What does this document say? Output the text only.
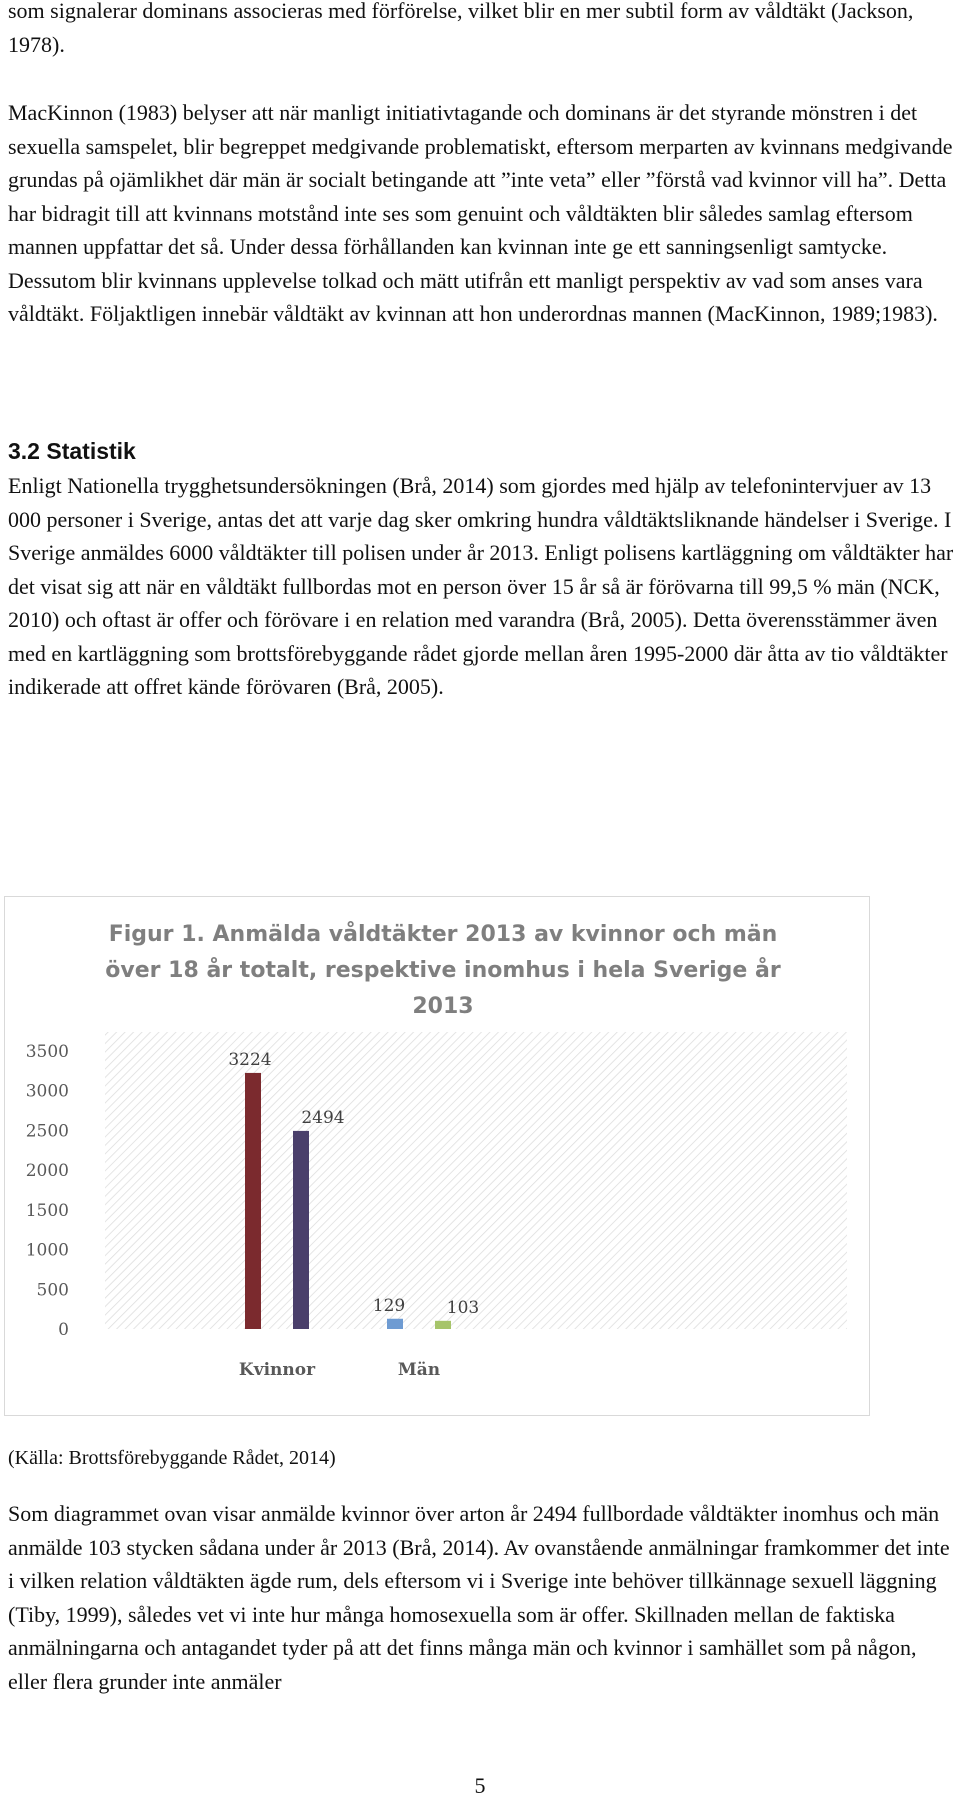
som signalerar dominans associeras med förförelse, vilket blir en mer subtil form av våldtäkt (Jackson, 1978).

MacKinnon (1983) belyser att när manligt initiativtagande och dominans är det styrande mönstren i det sexuella samspelet, blir begreppet medgivande problematiskt, eftersom merparten av kvinnans medgivande grundas på ojämlikhet där män är socialt betingande att ”inte veta” eller ”förstå vad kvinnor vill ha”. Detta har bidragit till att kvinnans motstånd inte ses som genuint och våldtäkten blir således samlag eftersom mannen uppfattar det så. Under dessa förhållanden kan kvinnan inte ge ett sanningsenligt samtycke. Dessutom blir kvinnans upplevelse tolkad och mätt utifrån ett manligt perspektiv av vad som anses vara våldtäkt. Följaktligen innebär våldtäkt av kvinnan att hon underordnas mannen (MacKinnon, 1989;1983).

3.2 Statistik

Enligt Nationella trygghetsundersökningen (Brå, 2014) som gjordes med hjälp av telefonintervjuer av 13 000 personer i Sverige, antas det att varje dag sker omkring hundra våldtäktsliknande händelser i Sverige. I Sverige anmäldes 6000 våldtäkter till polisen under år 2013. Enligt polisens kartläggning om våldtäkter har det visat sig att när en våldtäkt fullbordas mot en person över 15 år så är förövarna till 99,5 % män (NCK, 2010) och oftast är offer och förövare i en relation med varandra (Brå, 2005). Detta överensstämmer även med en kartläggning som brottsförebyggande rådet gjorde mellan åren 1995-2000 där åtta av tio våldtäkter indikerade att offret kände förövaren (Brå, 2005).

Figur 1. Anmälda våldtäkter 2013 av kvinnor och män
över 18 år totalt, respektive inomhus i hela Sverige år
2013
0
500
1000
1500
2000
2500
3000
3500	3224
2494
129 103
Kvinnor	Män
(Källa: Brottsförebyggande Rådet, 2014)

Som diagrammet ovan visar anmälde kvinnor över arton år 2494 fullbordade våldtäkter inomhus och män anmälde 103 stycken sådana under år 2013 (Brå, 2014). Av ovanstående anmälningar framkommer det inte i vilken relation våldtäkten ägde rum, dels eftersom vi i Sverige inte behöver tillkännage sexuell läggning (Tiby, 1999), således vet vi inte hur många homosexuella som är offer. Skillnaden mellan de faktiska anmälningarna och antagandet tyder på att det finns många män och kvinnor i samhället som på någon, eller flera grunder inte anmäler

5
